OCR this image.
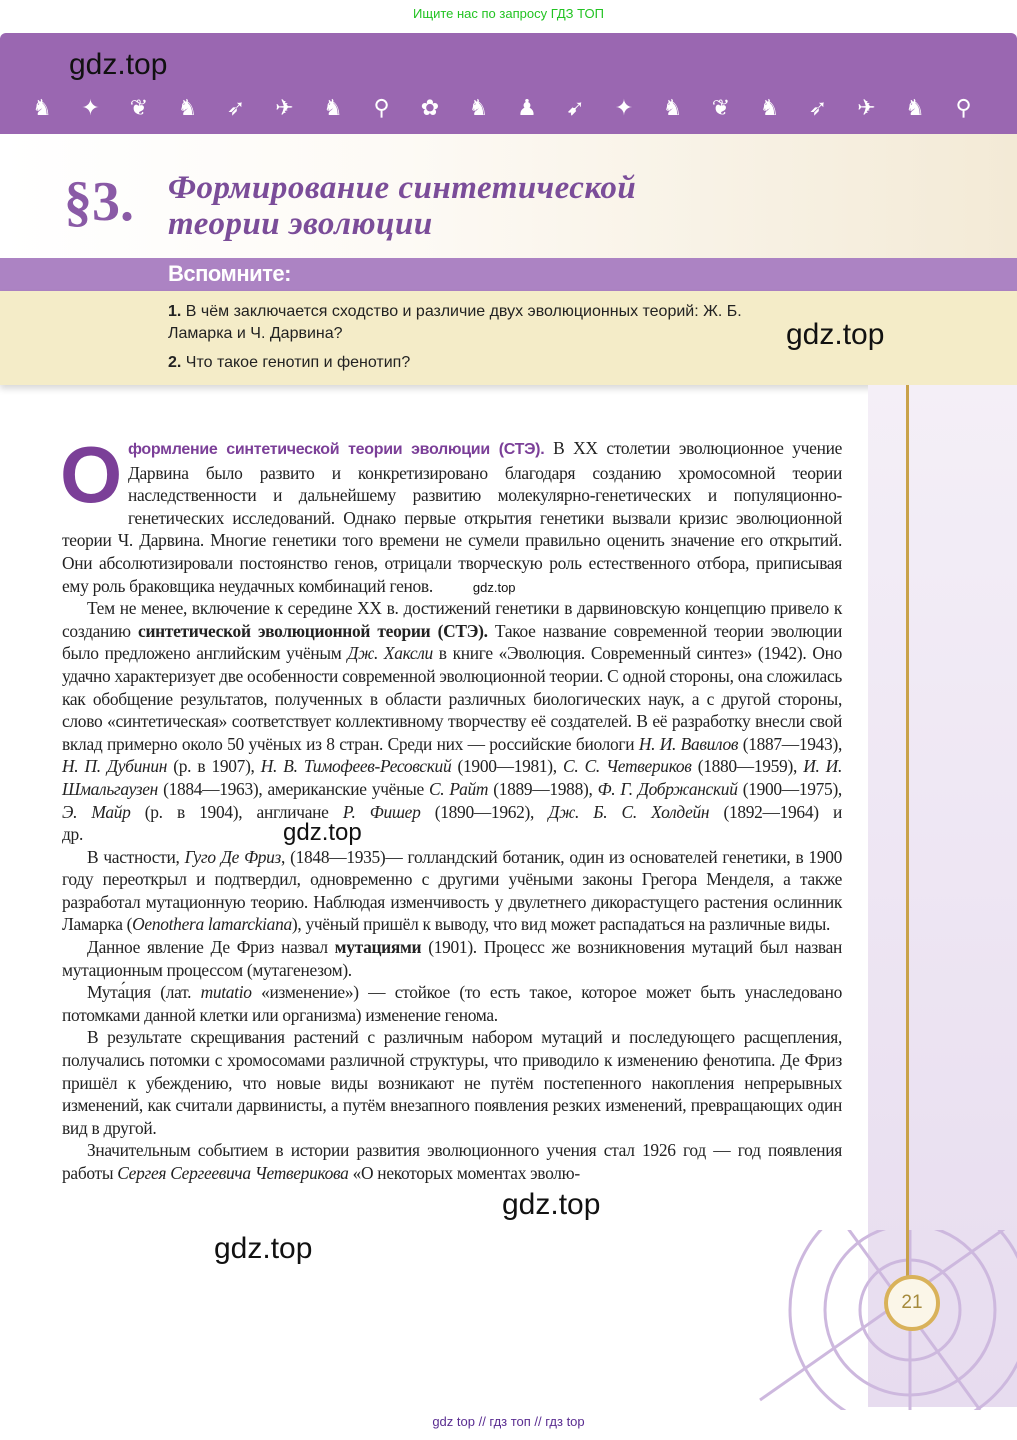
Ищите нас по запросу ГДЗ ТОП
♞	✦	❦	♞	➶	✈	♞	⚲	✿	♞	♟	➹	✦	♞	❦	♞	➶	✈	♞	⚲
§3. Формирование синтетической
теории эволюции
Вспомните:
1. В чём заключается сходство и различие двух эволюционных теорий: Ж. Б. Ламарка и Ч. Дарвина?
2. Что такое генотип и фенотип?
21

Оформление синтетической теории эволюции (СТЭ). В XX столетии эволюционное учение Дарвина было развито и конкретизировано благодаря созданию хромосомной теории наследственности и дальнейшему развитию молекулярно-генетических и популяционно-генетических исследований. Однако первые открытия генетики вызвали кризис эволюционной теории Ч. Дарвина. Многие генетики того времени не сумели правильно оценить значение его открытий. Они абсолютизировали постоянство генов, отрицали творческую роль естественного отбора, приписывая ему роль браковщика неудачных комбинаций генов.	gdz.top

Тем не менее, включение к середине XX в. достижений генетики в дарвиновскую концепцию привело к созданию синтетической эволюционной теории (СТЭ). Такое название современной теории эволюции было предложено английским учёным Дж. Хаксли в книге «Эволюция. Современный синтез» (1942). Оно удачно характеризует две особенности современной эволюционной теории. С одной стороны, она сложилась как обобщение результатов, полученных в области различных биологических наук, а с другой стороны, слово «синтетическая» соответствует коллективному творчеству её создателей. В её разработку внесли свой вклад примерно около 50 учёных из 8 стран. Среди них — российские биологи Н. И. Вавилов (1887—1943), Н. П. Дубинин (р. в 1907), Н. В. Тимофеев-Ресовский (1900—1981), С. С. Четвериков (1880—1959), И. И. Шмальгаузен (1884—1963), американские учёные С. Райт (1889—1988), Ф. Г. Добржанский (1900—1975), Э. Майр (р. в 1904), англичане Р. Фишер (1890—1962), Дж. Б. С. Холдейн (1892—1964) и др.	gdz.top

В частности, Гуго Де Фриз, (1848—1935)— голландский ботаник, один из основателей генетики, в 1900 году переоткрыл и подтвердил, одновременно с другими учёными законы Грегора Менделя, а также разработал мутационную теорию. Наблюдая изменчивость у двулетнего дикорастущего растения ослинник Ламарка (Oenothera lamarckiana), учёный пришёл к выводу, что вид может распадаться на различные виды.

Данное явление Де Фриз назвал мутациями (1901). Процесс же возникновения мутаций был назван мутационным процессом (мутагенезом).

Мута́ция (лат. mutatio «изменение») — стойкое (то есть такое, которое может быть унаследовано потомками данной клетки или организма) изменение генома.

В результате скрещивания растений с различным набором мутаций и последующего расщепления, получались потомки с хромосомами различной структуры, что приводило к изменению фенотипа. Де Фриз пришёл к убеждению, что новые виды возникают не путём постепенного накопления непрерывных изменений, как считали дарвинисты, а путём внезапного появления резких изменений, превращающих один вид в другой.

Значительным событием в истории развития эволюционного учения стал 1926 год — год появления работы Сергея Сергеевича Четверикова «О некоторых моментах эволю-

gdz.top
gdz.top
gdz.top
gdz.top
gdz top // гдз топ // гдз top
